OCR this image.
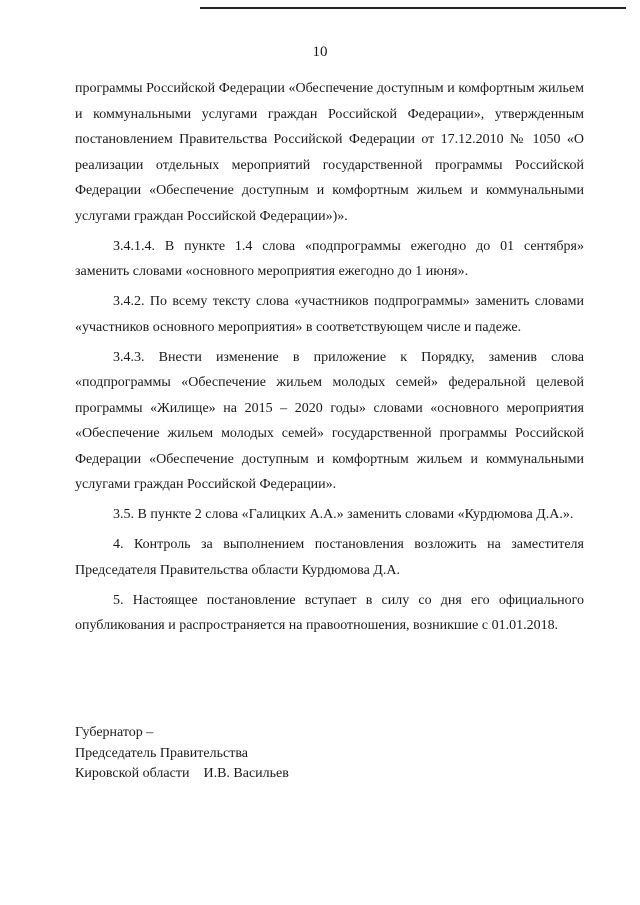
10

программы Российской Федерации «Обеспечение доступным и комфортным жильем и коммунальными услугами граждан Российской Федерации», утвержденным постановлением Правительства Российской Федерации от 17.12.2010 № 1050 «О реализации отдельных мероприятий государственной программы Российской Федерации «Обеспечение доступным и комфортным жильем и коммунальными услугами граждан Российской Федерации»)».

3.4.1.4. В пункте 1.4 слова «подпрограммы ежегодно до 01 сентября» заменить словами «основного мероприятия ежегодно до 1 июня».

3.4.2. По всему тексту слова «участников подпрограммы» заменить словами «участников основного мероприятия» в соответствующем числе и падеже.

3.4.3. Внести изменение в приложение к Порядку, заменив слова «подпрограммы «Обеспечение жильем молодых семей» федеральной целевой программы «Жилище» на 2015 – 2020 годы» словами «основного мероприятия «Обеспечение жильем молодых семей» государственной программы Российской Федерации «Обеспечение доступным и комфортным жильем и коммунальными услугами граждан Российской Федерации».

3.5. В пункте 2 слова «Галицких А.А.» заменить словами «Курдюмова Д.А.».

4. Контроль за выполнением постановления возложить на заместителя Председателя Правительства области Курдюмова Д.А.

5. Настоящее постановление вступает в силу со дня его официального опубликования и распространяется на правоотношения, возникшие с 01.01.2018.

Губернатор –
Председатель Правительства
Кировской области    И.В. Васильев
